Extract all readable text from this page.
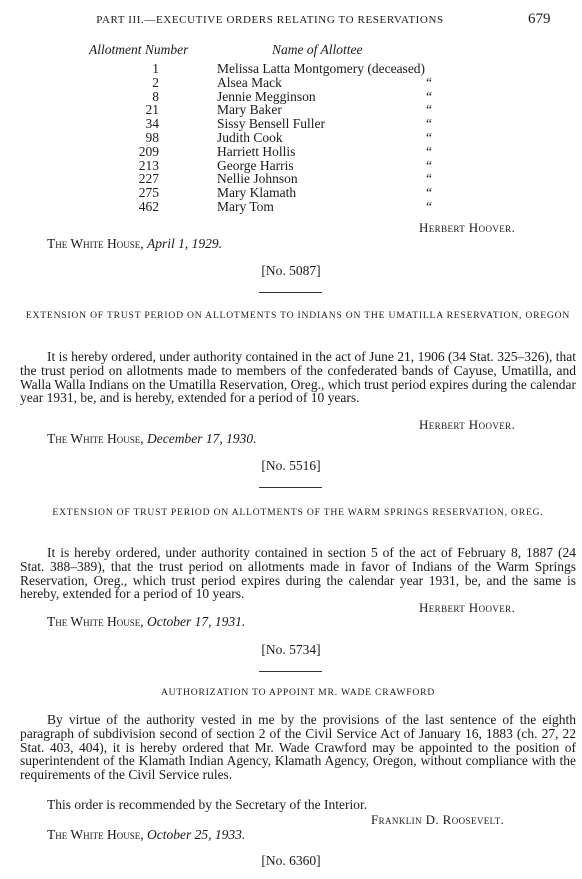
PART III.—EXECUTIVE ORDERS RELATING TO RESERVATIONS	679
Allotment Number	Name of Allottee
1	Melissa Latta Montgomery (deceased)
2	Alsea Mack	“
8	Jennie Megginson	“
21	Mary Baker	“
34	Sissy Bensell Fuller	“
98	Judith Cook	“
209	Harriett Hollis	“
213	George Harris	“
227	Nellie Johnson	“
275	Mary Klamath	“
462	Mary Tom	“
Herbert Hoover.
The White House, April 1, 1929.
[No. 5087]
EXTENSION OF TRUST PERIOD ON ALLOTMENTS TO INDIANS ON THE UMATILLA RESERVATION, OREGON

It is hereby ordered, under authority contained in the act of June 21, 1906 (34 Stat. 325–326), that the trust period on allotments made to members of the confederated bands of Cayuse, Umatilla, and Walla Walla Indians on the Umatilla Reservation, Oreg., which trust period expires during the calendar year 1931, be, and is hereby, extended for a period of 10 years.

Herbert Hoover.
The White House, December 17, 1930.
[No. 5516]
EXTENSION OF TRUST PERIOD ON ALLOTMENTS OF THE WARM SPRINGS RESERVATION, OREG.

It is hereby ordered, under authority contained in section 5 of the act of February 8, 1887 (24 Stat. 388–389), that the trust period on allotments made in favor of Indians of the Warm Springs Reservation, Oreg., which trust period expires during the calendar year 1931, be, and the same is hereby, extended for a period of 10 years.

Herbert Hoover.
The White House, October 17, 1931.
[No. 5734]
AUTHORIZATION TO APPOINT MR. WADE CRAWFORD

By virtue of the authority vested in me by the provisions of the last sentence of the eighth paragraph of subdivision second of section 2 of the Civil Service Act of January 16, 1883 (ch. 27, 22 Stat. 403, 404), it is hereby ordered that Mr. Wade Crawford may be appointed to the position of superintendent of the Klamath Indian Agency, Klamath Agency, Oregon, without compliance with the requirements of the Civil Service rules.

This order is recommended by the Secretary of the Interior.
Franklin D. Roosevelt.
The White House, October 25, 1933.
[No. 6360]
